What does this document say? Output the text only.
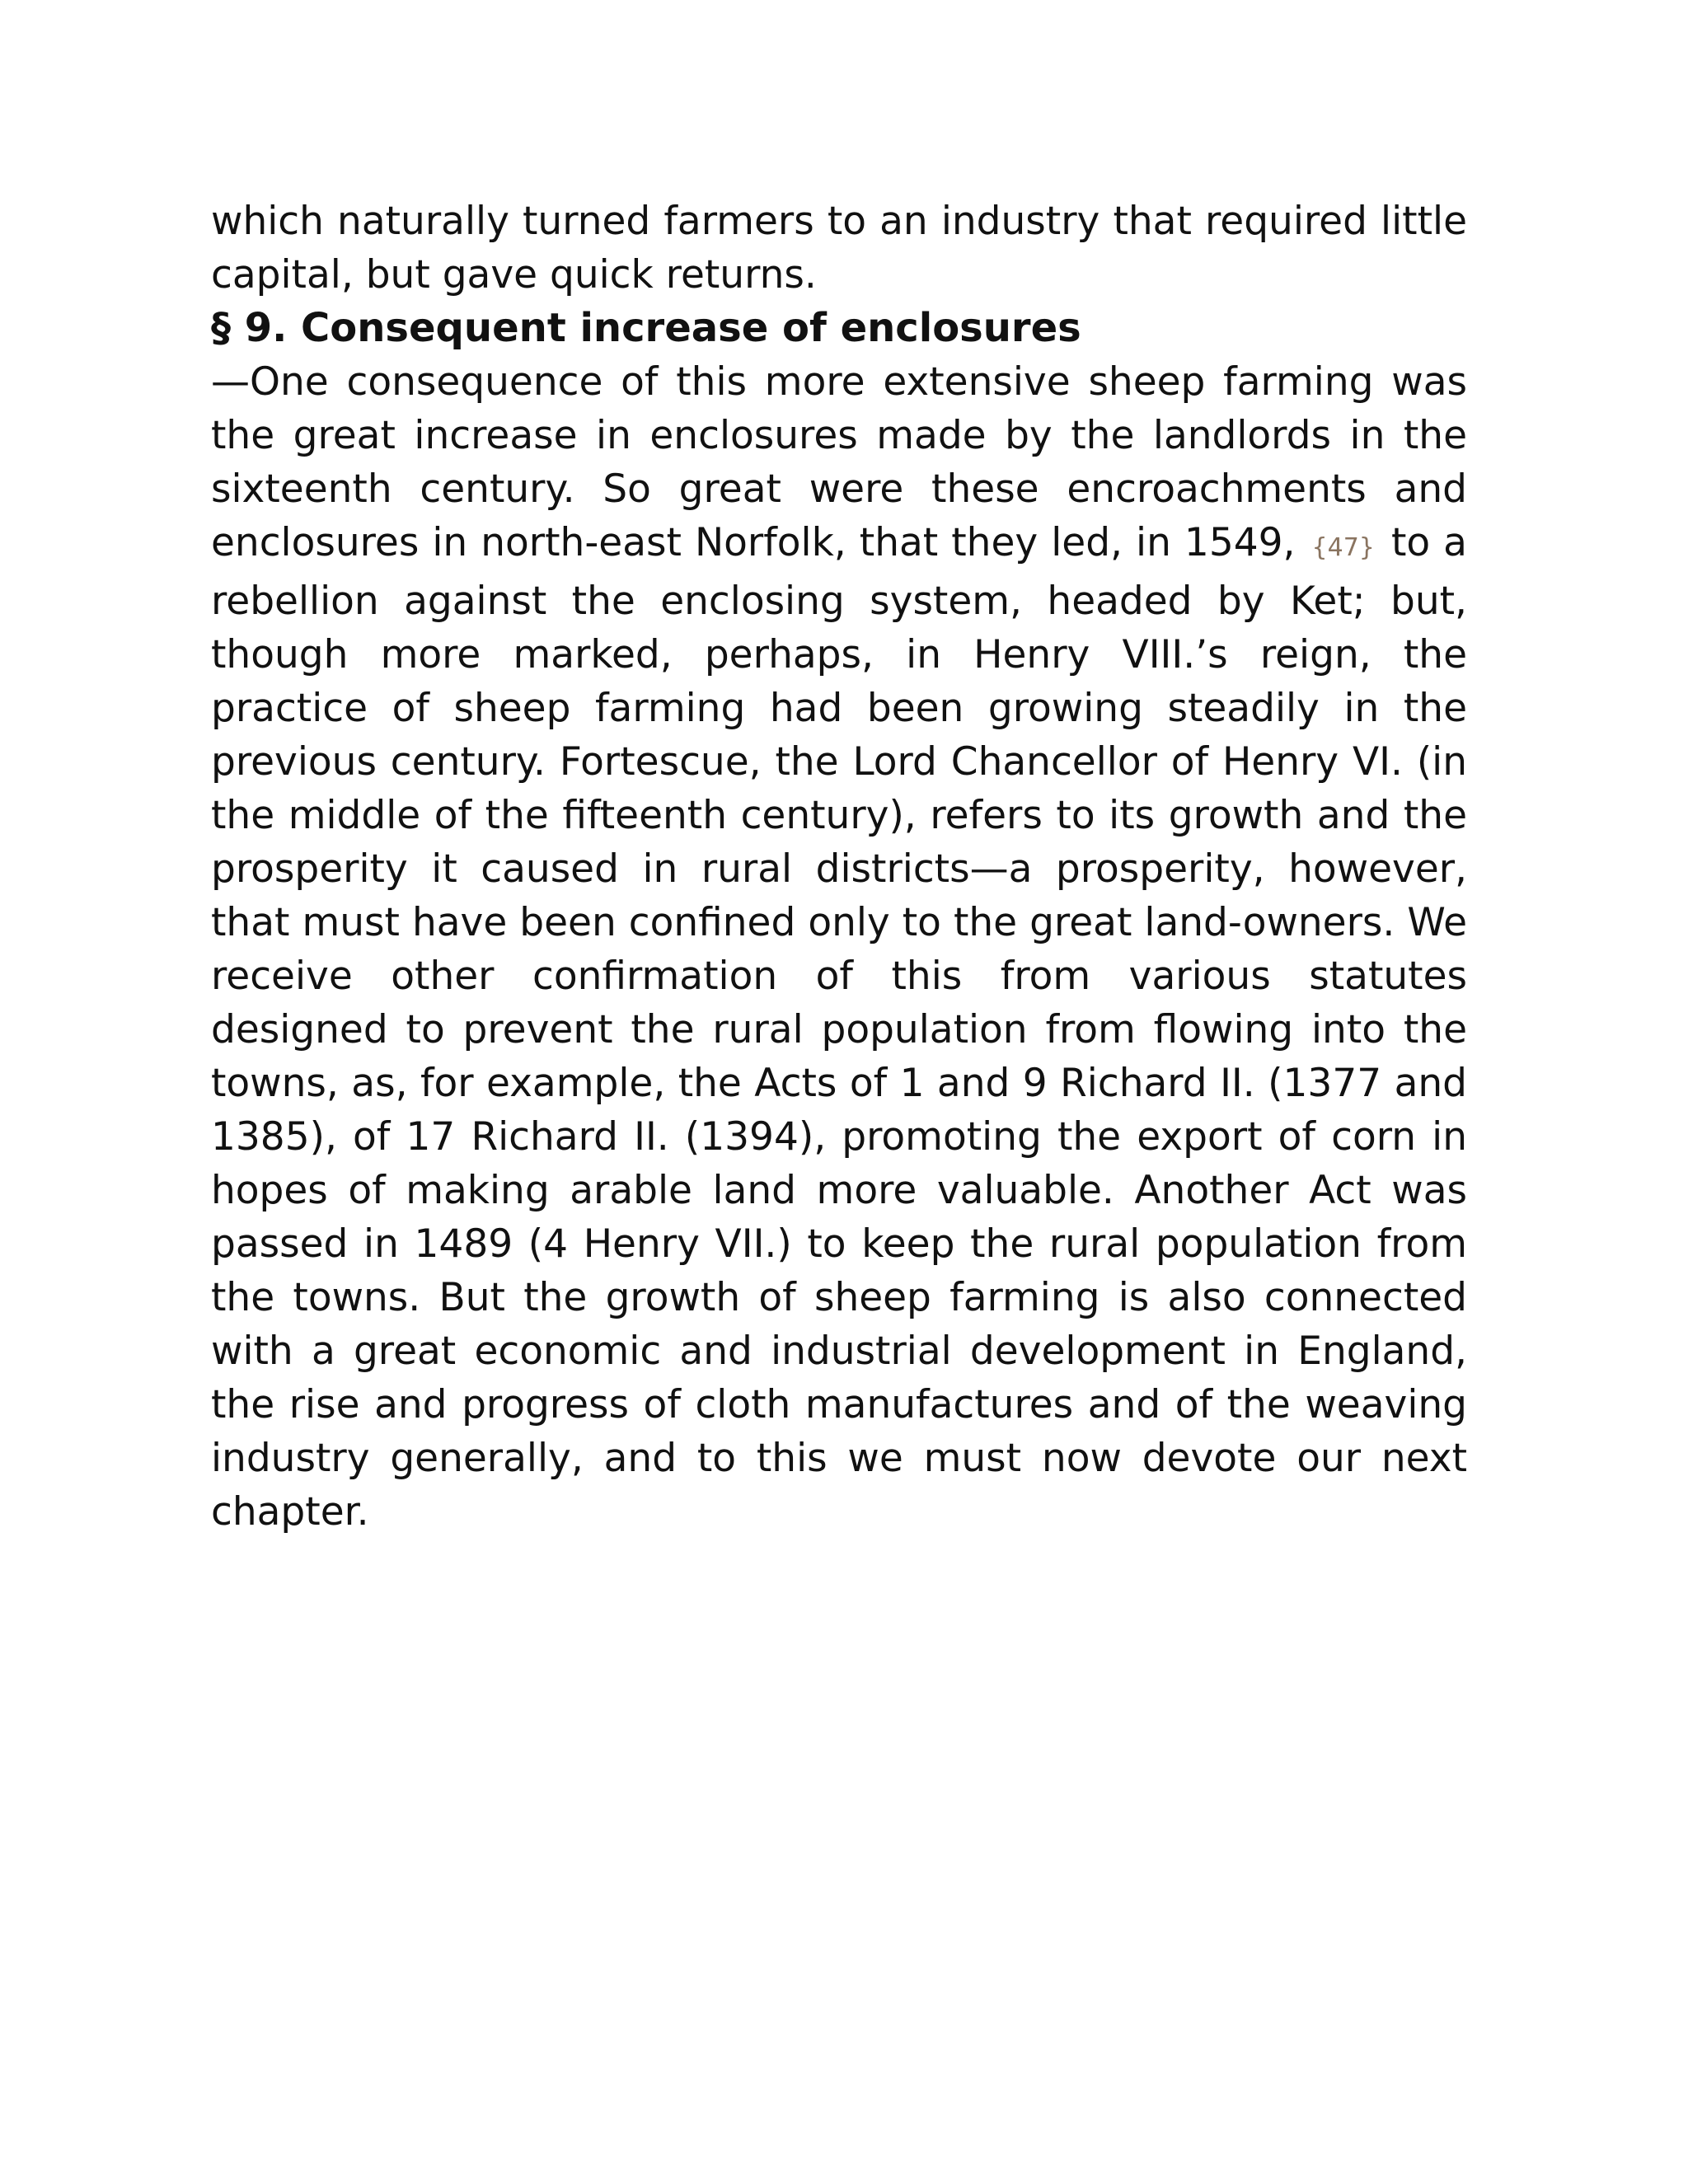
which naturally turned farmers to an industry that required little capital, but gave quick returns.

§ 9. Consequent increase of enclosures

—One consequence of this more extensive sheep farming was the great increase in enclosures made by the landlords in the sixteenth century. So great were these encroachments and enclosures in north-east Norfolk, that they led, in 1549, {47} to a rebellion against the enclosing system, headed by Ket; but, though more marked, perhaps, in Henry VIII.’s reign, the practice of sheep farming had been growing steadily in the previous century. Fortescue, the Lord Chancellor of Henry VI. (in the middle of the fifteenth century), refers to its growth and the prosperity it caused in rural districts—a prosperity, however, that must have been confined only to the great land-owners. We receive other confirmation of this from various statutes designed to prevent the rural population from flowing into the towns, as, for example, the Acts of 1 and 9 Richard II. (1377 and 1385), of 17 Richard II. (1394), promoting the export of corn in hopes of making arable land more valuable. Another Act was passed in 1489 (4 Henry VII.) to keep the rural population from the towns. But the growth of sheep farming is also connected with a great economic and industrial development in England, the rise and progress of cloth manufactures and of the weaving industry generally, and to this we must now devote our next chapter.
